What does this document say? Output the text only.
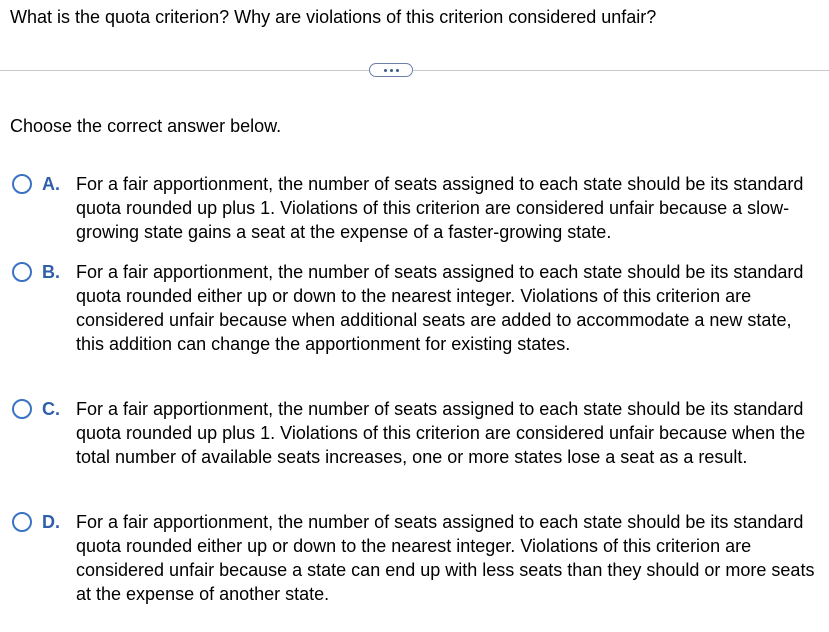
What is the quota criterion? Why are violations of this criterion considered unfair?
Choose the correct answer below.
A. For a fair apportionment, the number of seats assigned to each state should be its standard quota rounded up plus 1. Violations of this criterion are considered unfair because a slow-growing state gains a seat at the expense of a faster-growing state.
B. For a fair apportionment, the number of seats assigned to each state should be its standard quota rounded either up or down to the nearest integer. Violations of this criterion are considered unfair because when additional seats are added to accommodate a new state, this addition can change the apportionment for existing states.
C. For a fair apportionment, the number of seats assigned to each state should be its standard quota rounded up plus 1. Violations of this criterion are considered unfair because when the total number of available seats increases, one or more states lose a seat as a result.
D. For a fair apportionment, the number of seats assigned to each state should be its standard quota rounded either up or down to the nearest integer. Violations of this criterion are considered unfair because a state can end up with less seats than they should or more seats at the expense of another state.
